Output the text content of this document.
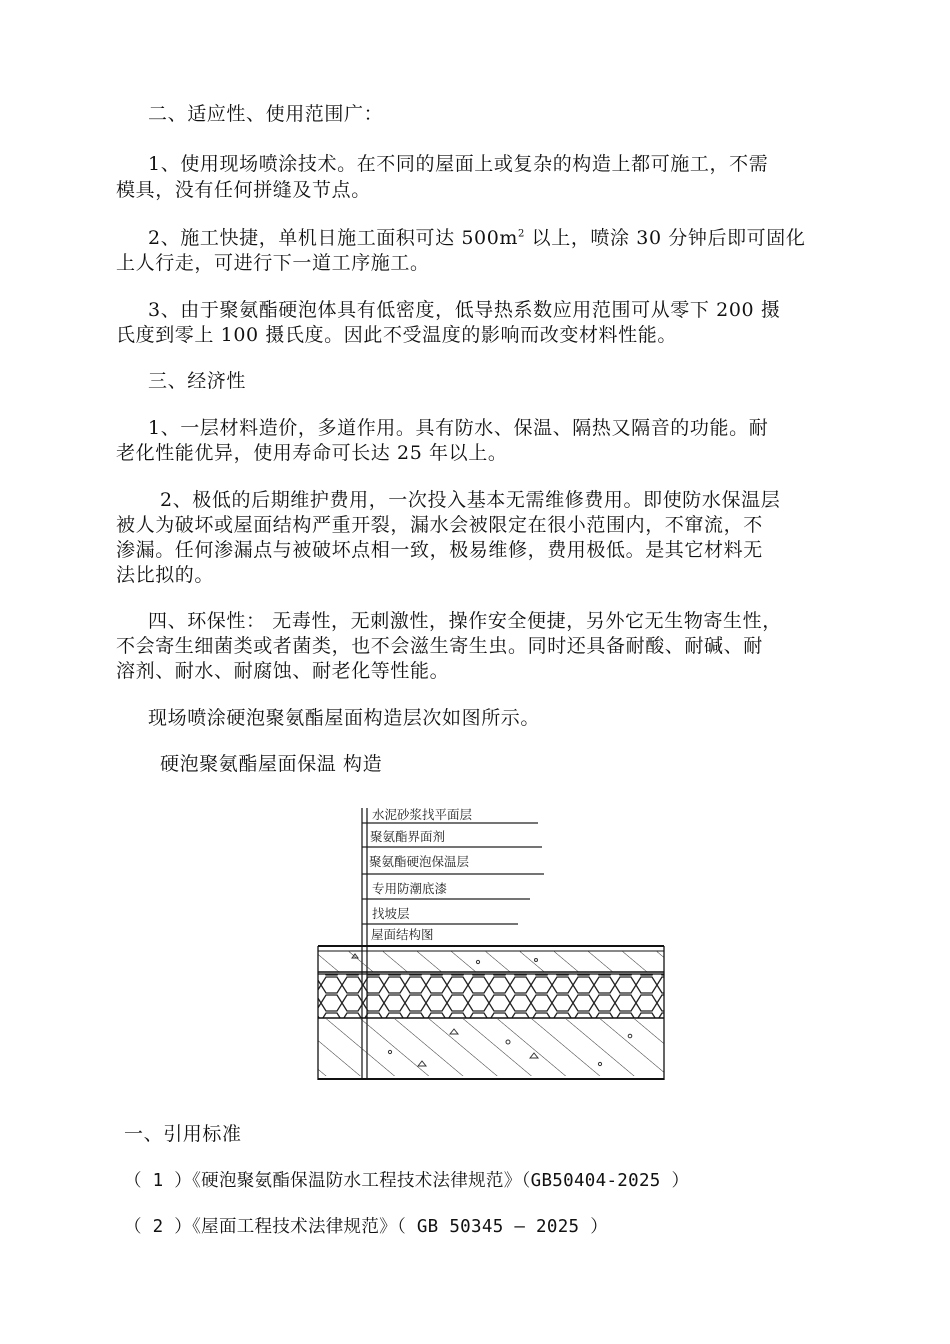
二、适应性、使用范围广：

1、使用现场喷涂技术。在不同的屋面上或复杂的构造上都可施工，不需

模具，没有任何拼缝及节点。

2、施工快捷，单机日施工面积可达 $500m^2$ 以上，喷涂 30 分钟后即可固化

上人行走，可进行下一道工序施工。

3、由于聚氨酯硬泡体具有低密度，低导热系数应用范围可从零下 200 摄

氏度到零上 100 摄氏度。因此不受温度的影响而改变材料性能。

三、经济性

1、一层材料造价，多道作用。具有防水、保温、隔热又隔音的功能。耐

老化性能优异，使用寿命可长达 25 年以上。

2、极低的后期维护费用，一次投入基本无需维修费用。即使防水保温层

被人为破坏或屋面结构严重开裂，漏水会被限定在很小范围内，不窜流，不

渗漏。任何渗漏点与被破坏点相一致，极易维修，费用极低。是其它材料无

法比拟的。

四、环保性： 无毒性，无刺激性，操作安全便捷，另外它无生物寄生性，

不会寄生细菌类或者菌类，也不会滋生寄生虫。同时还具备耐酸、耐碱、耐

溶剂、耐水、耐腐蚀、耐老化等性能。

现场喷涂硬泡聚氨酯屋面构造层次如图所示。

硬泡聚氨酯屋面保温 构造

水泥砂浆找平面层
聚氨酯界面剂
聚氨酯硬泡保温层
专用防潮底漆
找坡层
屋面结构图

一、引用标准

（ 1 ）《硬泡聚氨酯保温防水工程技术法律规范》（GB50404-2025 ）

（ 2 ）《屋面工程技术法律规范》（ GB 50345 — 2025 ）
